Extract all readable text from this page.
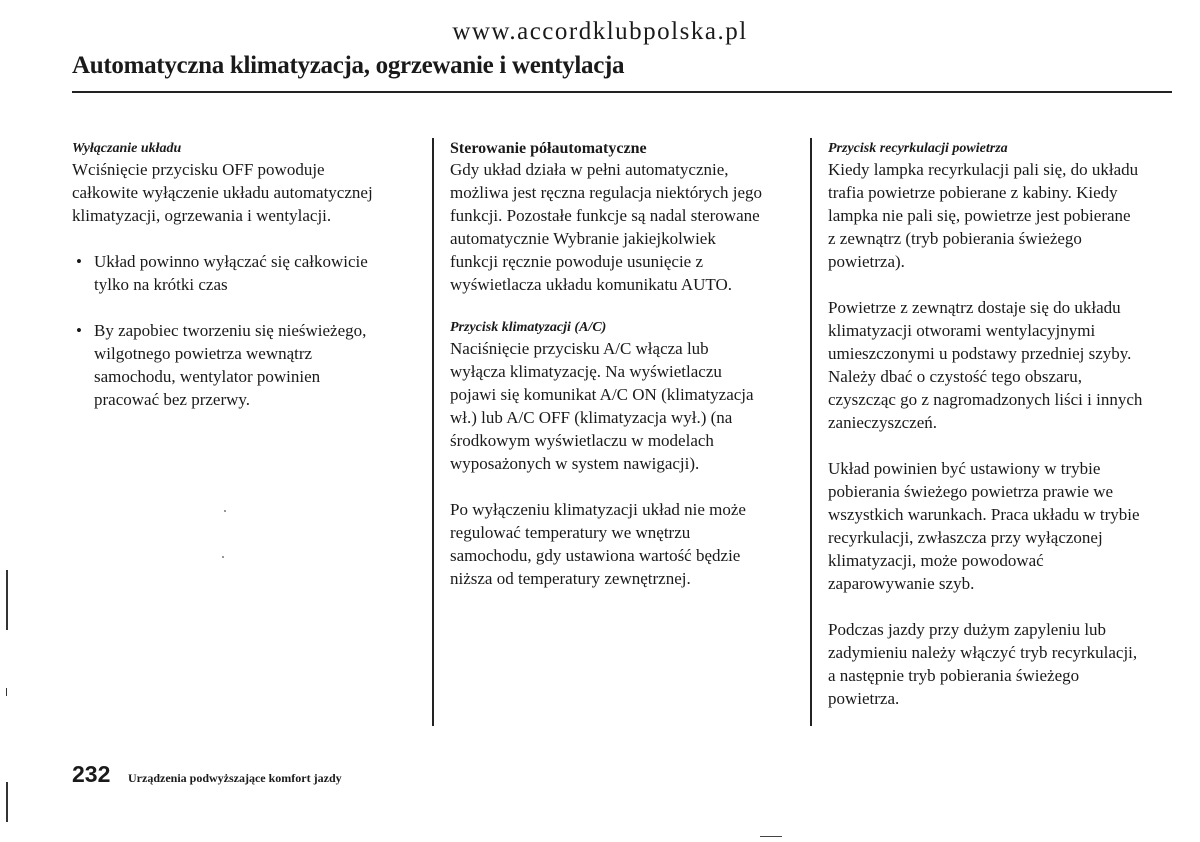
www.accordklubpolska.pl
Automatyczna klimatyzacja, ogrzewanie i wentylacja
Wyłączanie układu

Wciśnięcie przycisku OFF powoduje
całkowite wyłączenie układu automatycznej
klimatyzacji, ogrzewania i wentylacji.

• Układ powinno wyłączać się całkowicie
tylko na krótki czas
• By zapobiec tworzeniu się nieświeżego,
wilgotnego powietrza wewnątrz
samochodu, wentylator powinien
pracować bez przerwy.
Sterowanie półautomatyczne

Gdy układ działa w pełni automatycznie,
możliwa jest ręczna regulacja niektórych jego
funkcji. Pozostałe funkcje są nadal sterowane
automatycznie Wybranie jakiejkolwiek
funkcji ręcznie powoduje usunięcie z
wyświetlacza układu komunikatu AUTO.

Przycisk klimatyzacji (A/C)

Naciśnięcie przycisku A/C włącza lub
wyłącza klimatyzację. Na wyświetlaczu
pojawi się komunikat A/C ON (klimatyzacja
wł.) lub A/C OFF (klimatyzacja wył.) (na
środkowym wyświetlaczu w modelach
wyposażonych w system nawigacji).

Po wyłączeniu klimatyzacji układ nie może
regulować temperatury we wnętrzu
samochodu, gdy ustawiona wartość będzie
niższa od temperatury zewnętrznej.

Przycisk recyrkulacji powietrza

Kiedy lampka recyrkulacji pali się, do układu
trafia powietrze pobierane z kabiny. Kiedy
lampka nie pali się, powietrze jest pobierane
z zewnątrz (tryb pobierania świeżego
powietrza).

Powietrze z zewnątrz dostaje się do układu
klimatyzacji otworami wentylacyjnymi
umieszczonymi u podstawy przedniej szyby.
Należy dbać o czystość tego obszaru,
czyszcząc go z nagromadzonych liści i innych
zanieczyszczeń.

Układ powinien być ustawiony w trybie
pobierania świeżego powietrza prawie we
wszystkich warunkach. Praca układu w trybie
recyrkulacji, zwłaszcza przy wyłączonej
klimatyzacji, może powodować
zaparowywanie szyb.

Podczas jazdy przy dużym zapyleniu lub
zadymieniu należy włączyć tryb recyrkulacji,
a następnie tryb pobierania świeżego
powietrza.

232 Urządzenia podwyższające komfort jazdy
